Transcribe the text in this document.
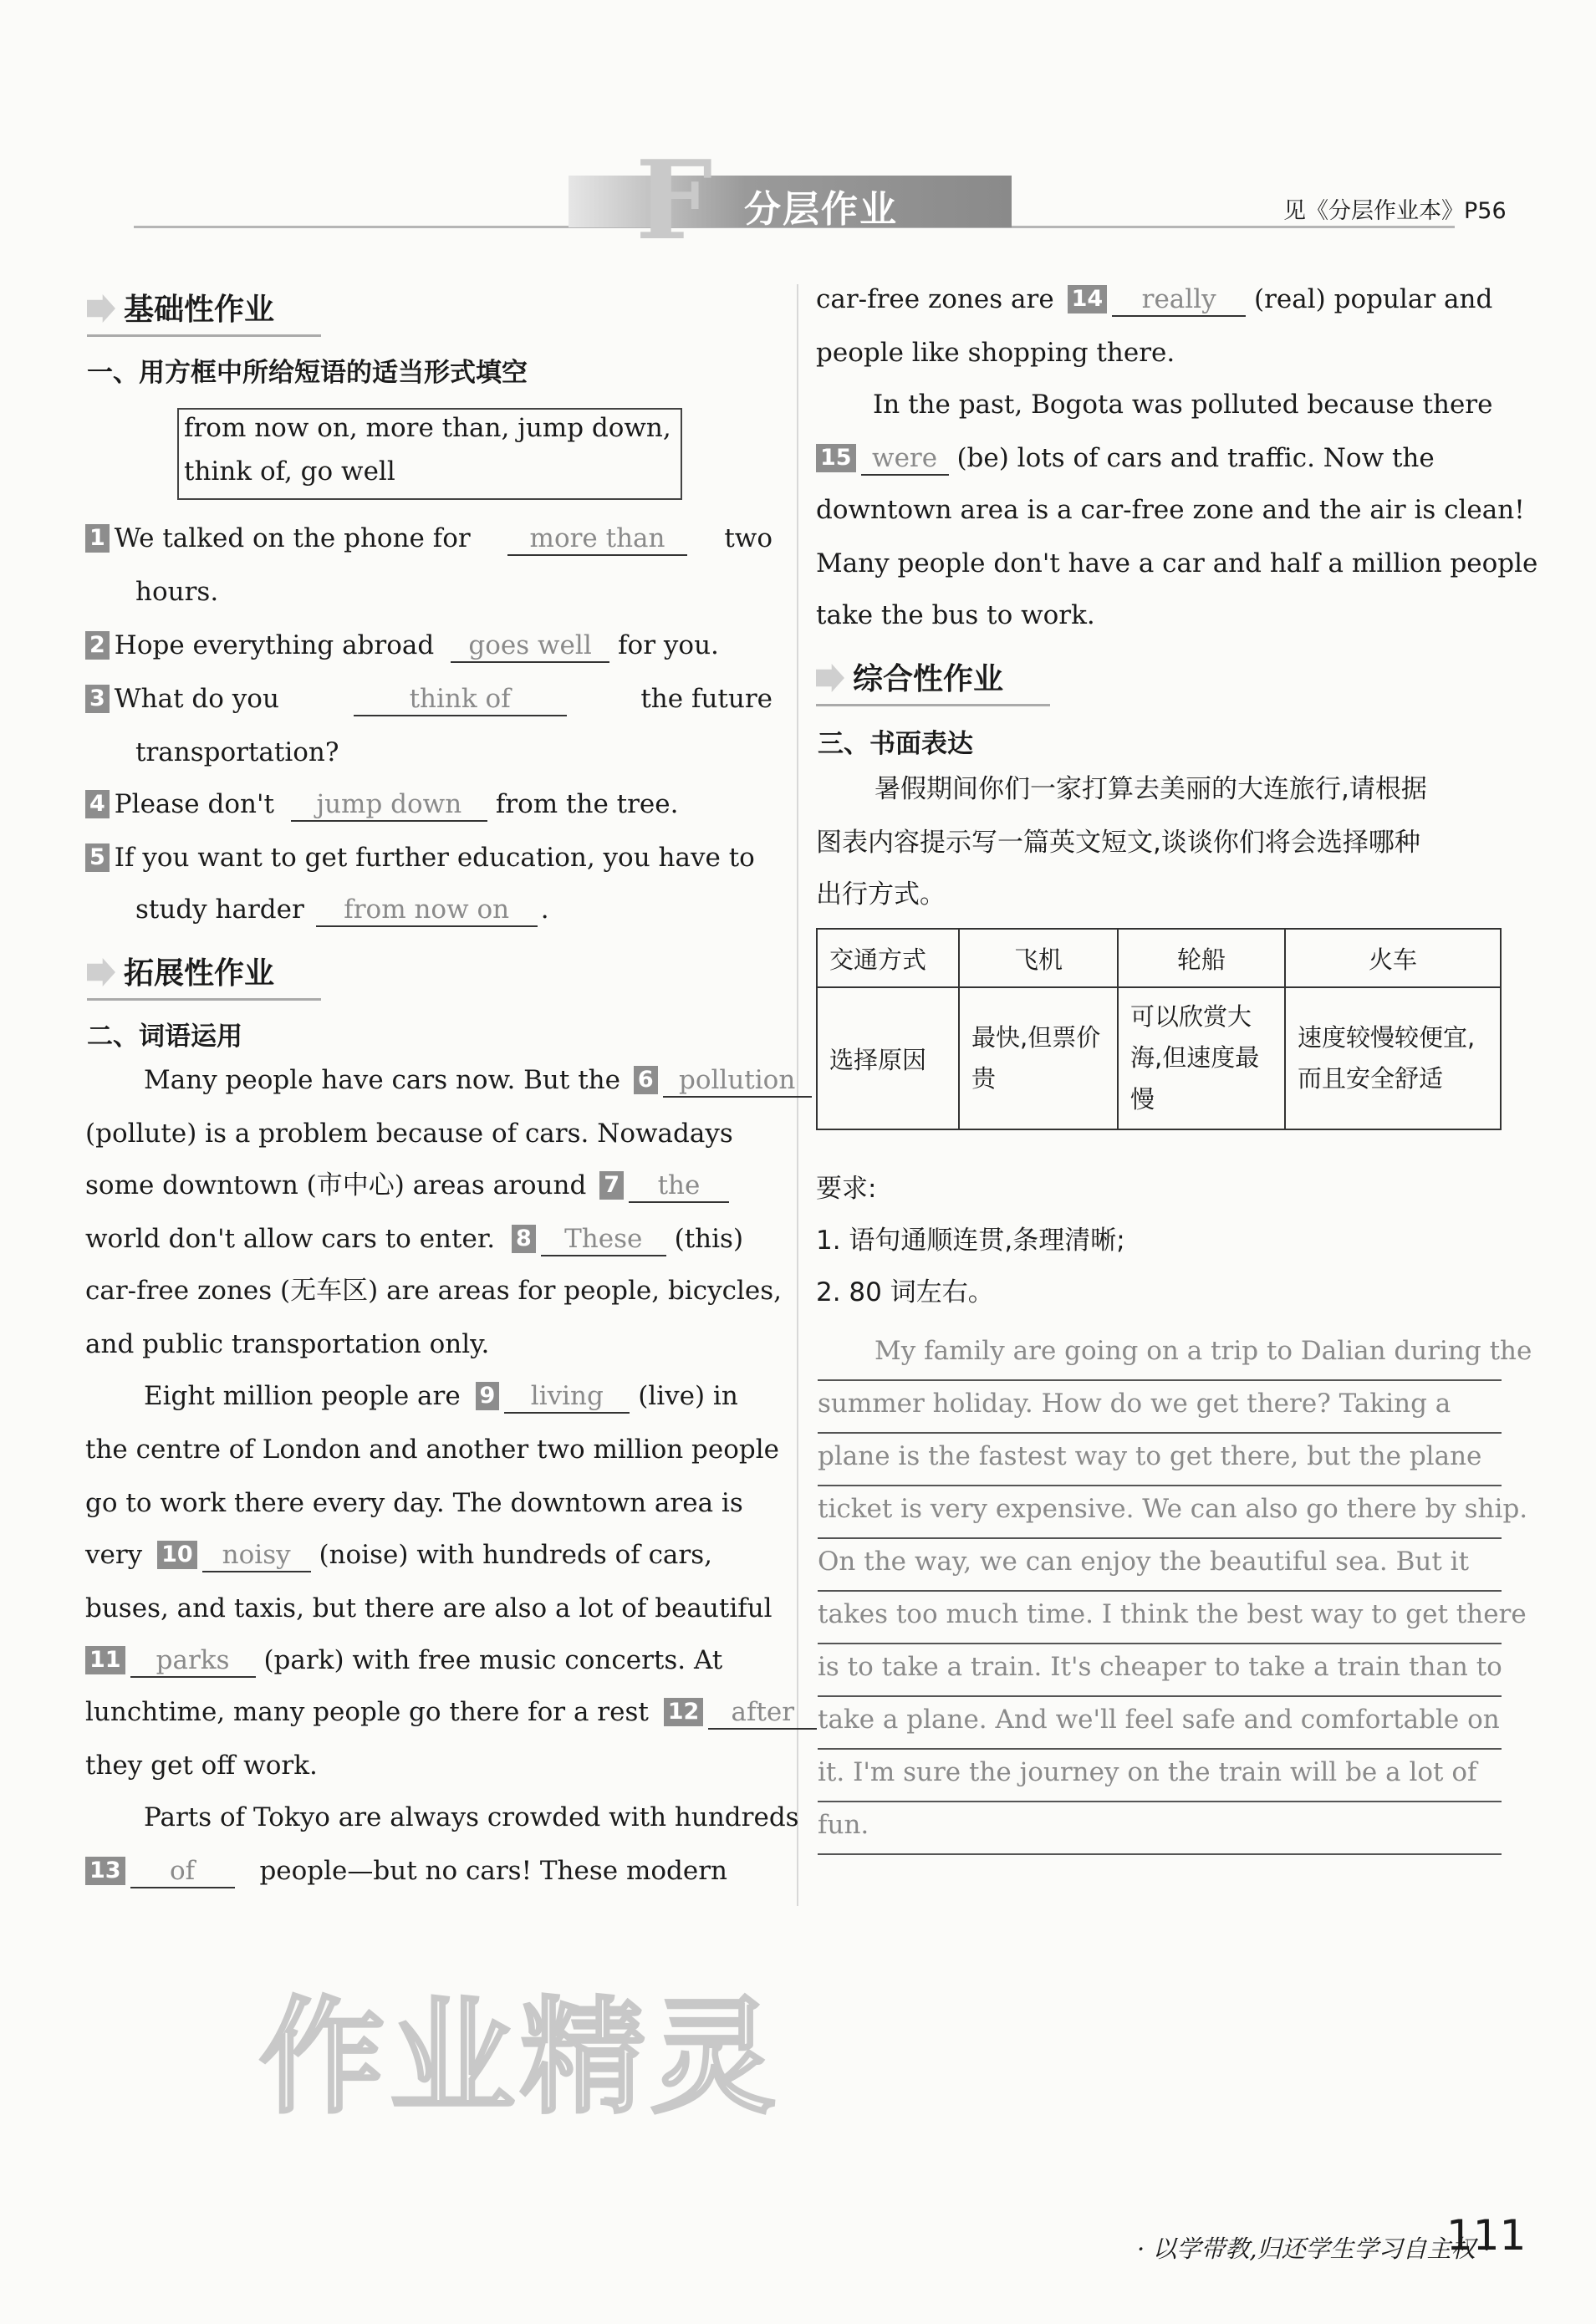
F 分层作业	见《分层作业本》P56
基础性作业
一、用方框中所给短语的适当形式填空
from now on, more than, jump down,
think of, go well
1 We talked on the phone for	more than	two
hours.
2 Hope everything abroad goes well for you.
3 What do you	think of	the future
transportation?
4 Please don't jump down from the tree.
5 If you want to get further education, you have to
study harder from now on .
拓展性作业
二、词语运用
Many people have cars now. But the 6 pollution
(pollute) is a problem because of cars. Nowadays
some downtown (市中心) areas around 7 the
world don't allow cars to enter. 8 These (this)
car-free zones (无车区) are areas for people, bicycles,
and public transportation only.
Eight million people are 9 living (live) in
the centre of London and another two million people
go to work there every day. The downtown area is
very 10 noisy (noise) with hundreds of cars,
buses, and taxis, but there are also a lot of beautiful
11 parks (park) with free music concerts. At
lunchtime, many people go there for a rest 12 after
they get off work.
Parts of Tokyo are always crowded with hundreds
13 of people—but no cars! These modern
car-free zones are 14 really (real) popular and
people like shopping there.
In the past, Bogota was polluted because there
15 were (be) lots of cars and traffic. Now the
downtown area is a car-free zone and the air is clean!
Many people don't have a car and half a million people
take the bus to work.
综合性作业
三、书面表达
暑假期间你们一家打算去美丽的大连旅行,请根据
图表内容提示写一篇英文短文,谈谈你们将会选择哪种
出行方式。
交通方式	飞机	轮船	火车
选择原因	最快,但票价贵	可以欣赏大海,但速度最慢	速度较慢较便宜,而且安全舒适
要求:
1. 语句通顺连贯,条理清晰;
2. 80 词左右。
My family are going on a trip to Dalian during the
summer holiday. How do we get there? Taking a
plane is the fastest way to get there, but the plane
ticket is very expensive. We can also go there by ship.
On the way, we can enjoy the beautiful sea. But it
takes too much time. I think the best way to get there
is to take a train. It's cheaper to take a train than to
take a plane. And we'll feel safe and comfortable on
it. I'm sure the journey on the train will be a lot of
fun.
作业精灵
· 以学带教,归还学生学习自主权 ·
111
